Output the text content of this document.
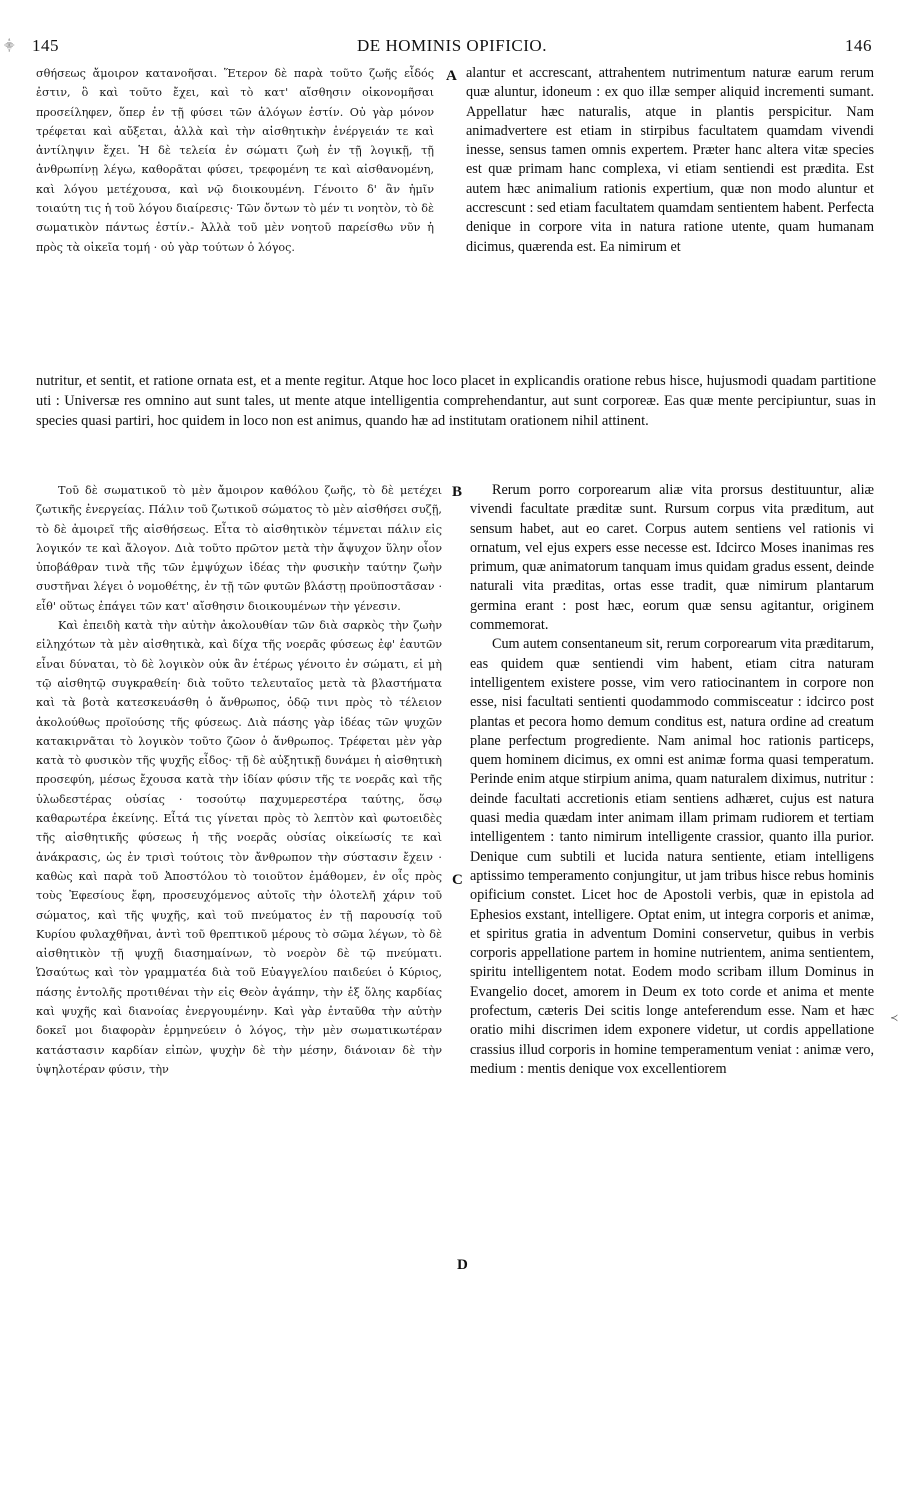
⸎
≺
145	DE HOMINIS OPIFICIO.	146

σθήσεως ἄμοιρον κατανοῆσαι. Ἕτερον δὲ παρὰ τοῦτο ζωῆς εἶδός ἐστιν, ὃ καὶ τοῦτο ἔχει, καὶ τὸ κατ' αἴσθησιν οἰκονομῆσαι προσείληφεν, ὅπερ ἐν τῇ φύσει τῶν ἀλόγων ἐστίν. Οὐ γὰρ μόνον τρέφεται καὶ αὔξεται, ἀλλὰ καὶ τὴν αἰσθητικὴν ἐνέργειάν τε καὶ ἀντίληψιν ἔχει. Ἡ δὲ τελεία ἐν σώματι ζωὴ ἐν τῇ λογικῇ, τῇ ἀνθρωπίνῃ λέγω, καθορᾶται φύσει, τρεφομένη τε καὶ αἰσθανομένη, καὶ λόγου μετέχουσα, καὶ νῷ διοικουμένη. Γένοιτο δ' ἂν ἡμῖν τοιαύτη τις ἡ τοῦ λόγου διαίρεσις· Τῶν ὄντων τὸ μέν τι νοητὸν, τὸ δὲ σωματικὸν πάντως ἐστίν.- Ἀλλὰ τοῦ μὲν νοητοῦ παρείσθω νῦν ἡ πρὸς τὰ οἰκεῖα τομή · οὐ γὰρ τούτων ὁ λόγος.

A alantur et accrescant, attrahentem nutrimentum naturæ earum rerum quæ aluntur, idoneum : ex quo illæ semper aliquid incrementi sumant. Appellatur hæc naturalis, atque in plantis perspicitur. Nam animadvertere est etiam in stirpibus facultatem quamdam vivendi inesse, sensus tamen omnis expertem. Præter hanc altera vitæ species est quæ primam hanc complexa, vi etiam sentiendi est prædita. Est autem hæc animalium rationis expertium, quæ non modo aluntur et accrescunt : sed etiam facultatem quamdam sentientem habent. Perfecta denique in corpore vita in natura ratione utente, quam humanam dicimus, quærenda est. Ea nimirum et

nutritur, et sentit, et ratione ornata est, et a mente regitur. Atque hoc loco placet in explicandis orationе rebus hisce, hujusmodi quadam partitione uti : Universæ res omnino aut sunt tales, ut mente atque intelligentia comprehendantur, aut sunt corporeæ. Eas quæ mente percipiuntur, suas in species quasi partiri, hoc quidem in loco non est animus, quando hæ ad institutam orationem nihil attinent.

Τοῦ δὲ σωματικοῦ τὸ μὲν ἄμοιρον καθόλου ζωῆς, τὸ δὲ μετέχει ζωτικῆς ἐνεργείας. Πάλιν τοῦ ζωτικοῦ σώματος τὸ μὲν αἰσθήσει συζῇ, τὸ δὲ ἀμοιρεῖ τῆς αἰσθήσεως. Εἶτα τὸ αἰσθητικὸν τέμνεται πάλιν εἰς λογικόν τε καὶ ἄλογον. Διὰ τοῦτο πρῶτον μετὰ τὴν ἄψυχον ὕλην οἷον ὑποβάθραν τινὰ τῆς τῶν ἐμψύχων ἰδέας τὴν φυσικὴν ταύτην ζωὴν συστῆναι λέγει ὁ νομοθέτης, ἐν τῇ τῶν φυτῶν βλάστῃ προϋποστᾶσαν · εἶθ' οὕτως ἐπάγει τῶν κατ' αἴσθησιν διοικουμένων τὴν γένεσιν.

Καὶ ἐπειδὴ κατὰ τὴν αὐτὴν ἀκολουθίαν τῶν διὰ σαρκὸς τὴν ζωὴν εἰληχότων τὰ μὲν αἰσθητικὰ, καὶ δίχα τῆς νοερᾶς φύσεως ἐφ' ἑαυτῶν εἶναι δύναται, τὸ δὲ λογικὸν οὐκ ἂν ἑτέρως γένοιτο ἐν σώματι, εἰ μὴ τῷ αἰσθητῷ συγκραθείη· διὰ τοῦτο τελευταῖος μετὰ τὰ βλαστήματα καὶ τὰ βοτὰ κατεσκευάσθη ὁ ἄνθρωπος, ὁδῷ τινι πρὸς τὸ τέλειον ἀκολούθως προϊούσης τῆς φύσεως. Διὰ πάσης γὰρ ἰδέας τῶν ψυχῶν κατακιρνᾶται τὸ λογικὸν τοῦτο ζῶον ὁ ἄνθρωπος. Τρέφεται μὲν γὰρ κατὰ τὸ φυσικὸν τῆς ψυχῆς εἶδος· τῇ δὲ αὐξητικῇ δυνάμει ἡ αἰσθητικὴ προσεφύη, μέσως ἔχουσα κατὰ τὴν ἰδίαν φύσιν τῆς τε νοερᾶς καὶ τῆς ὑλωδεστέρας οὐσίας · τοσούτῳ παχυμερεστέρα ταύτης, ὅσῳ καθαρωτέρα ἐκείνης. Εἶτά τις γίνεται πρὸς τὸ λεπτὸν καὶ φωτοειδὲς τῆς αἰσθητικῆς φύσεως ἡ τῆς νοερᾶς οὐσίας οἰκείωσίς τε καὶ ἀνάκρασις, ὡς ἐν τρισὶ τούτοις τὸν ἄνθρωπον τὴν σύστασιν ἔχειν · καθὼς καὶ παρὰ τοῦ Ἀποστόλου τὸ τοιοῦτον ἐμάθομεν, ἐν οἷς πρὸς τοὺς Ἐφεσίους ἔφη, προσευχόμενος αὐτοῖς τὴν ὁλοτελῆ χάριν τοῦ σώματος, καὶ τῆς ψυχῆς, καὶ τοῦ πνεύματος ἐν τῇ παρουσίᾳ τοῦ Κυρίου φυλαχθῆναι, ἀντὶ τοῦ θρεπτικοῦ μέρους τὸ σῶμα λέγων, τὸ δὲ αἰσθητικὸν τῇ ψυχῇ διασημαίνων, τὸ νοερὸν δὲ τῷ πνεύματι. Ὡσαύτως καὶ τὸν γραμματέα διὰ τοῦ Εὐαγγελίου παιδεύει ὁ Κύριος, πάσης ἐντολῆς προτιθέναι τὴν εἰς Θεὸν ἀγάπην, τὴν ἐξ ὅλης καρδίας καὶ ψυχῆς καὶ διανοίας ἐνεργουμένην. Καὶ γὰρ ἐνταῦθα τὴν αὐτὴν δοκεῖ μοι διαφορὰν ἑρμηνεύειν ὁ λόγος, τὴν μὲν σωματικωτέραν κατάστασιν καρδίαν εἰπὼν, ψυχὴν δὲ τὴν μέσην, διάνοιαν δὲ τὴν ὑψηλοτέραν φύσιν, τὴν

B
C
D

Rerum porro corporearum aliæ vita prorsus destituuntur, aliæ vivendi facultate præditæ sunt. Rursum corpus vita præditum, aut sensum habet, aut eo caret. Corpus autem sentiens vel rationis vi ornatum, vel ejus expers esse necesse est. Idcirco Moses inanimas res primum, quæ animatorum tanquam imus quidam gradus essent, deinde naturali vita præditas, ortas esse tradit, quæ nimirum plantarum germina erant : post hæc, eorum quæ sensu agitantur, originem commemorat.

Cum autem consentaneum sit, rerum corporearum vita præditarum, eas quidem quæ sentiendi vim habent, etiam citra naturam intelligentem existere posse, vim vero ratiocinantem in corpore non esse, nisi facultati sentienti quodammodo commisceatur : idcirco post plantas et pecora homo demum conditus est, natura ordine ad creatum plane perfectum progrediente. Nam animal hoc rationis particeps, quem hominem dicimus, ex omni est animæ forma quasi temperatum. Perinde enim atque stirpium anima, quam naturalem diximus, nutritur : deinde facultati accretionis etiam sentiens adhæret, cujus est natura quasi media quædam inter animam illam primam rudiorem et tertiam intelligentem : tanto nimirum intelligente crassior, quanto illa purior. Denique cum subtili et lucida natura sentiente, etiam intelligens aptissimo temperamento conjungitur, ut jam tribus hisce rebus hominis opificium constet. Licet hoc de Apostoli verbis, quæ in epistola ad Ephesios exstant, intelligere. Optat enim, ut integra corporis et animæ, et spiritus gratia in adventum Domini conservetur, quibus in verbis corporis appellatione partem in homine nutrientem, anima sentientem, spiritu intelligentem notat. Eodem modo scribam illum Dominus in Evangelio docet, amorem in Deum ex toto corde et anima et mente profectum, cæteris Dei scitis longe anteferendum esse. Nam et hæc oratio mihi discrimen idem exponere videtur, ut cordis appellatione crassius illud corporis in homine temperamentum veniat : animæ vero, medium : mentis denique vox excellentiorem
